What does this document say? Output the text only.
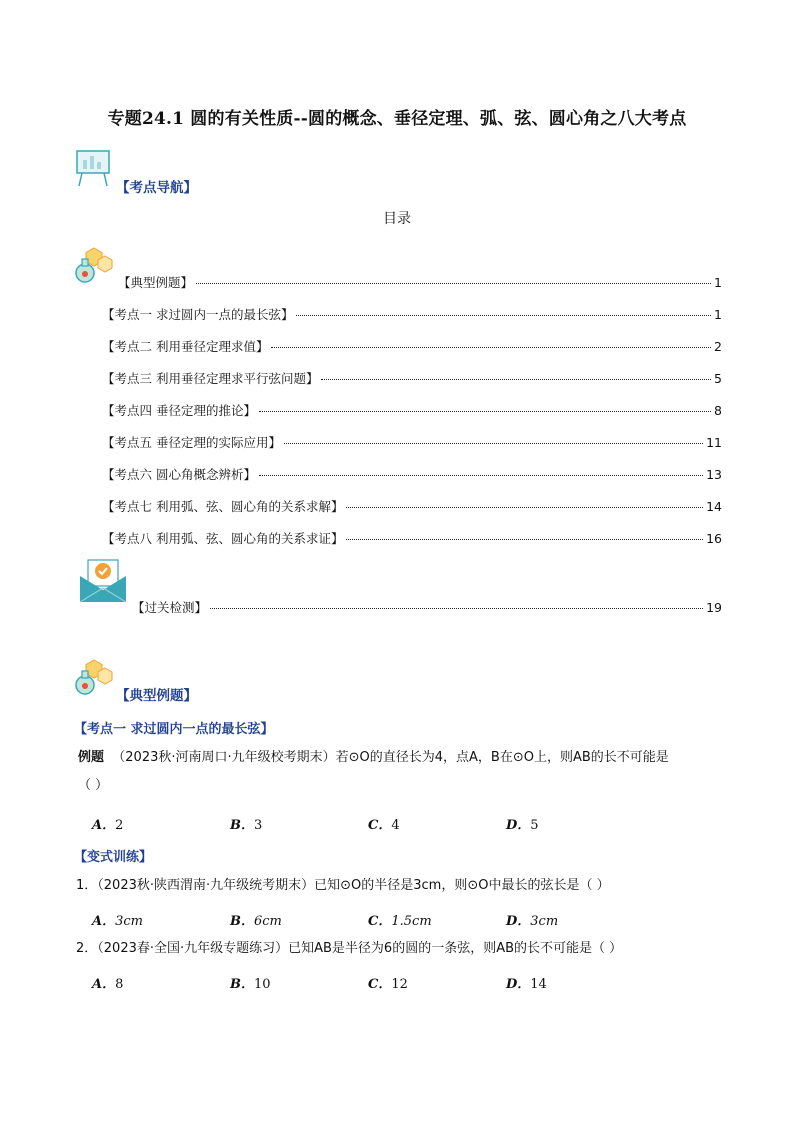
专题24.1 圆的有关性质--圆的概念、垂径定理、弧、弦、圆心角之八大考点
【考点导航】
目录
【典型例题】	1
【考点一 求过圆内一点的最长弦】	1
【考点二 利用垂径定理求值】	2
【考点三 利用垂径定理求平行弦问题】	5
【考点四 垂径定理的推论】	8
【考点五 垂径定理的实际应用】	11
【考点六 圆心角概念辨析】	13
【考点七 利用弧、弦、圆心角的关系求解】	14
【考点八 利用弧、弦、圆心角的关系求证】	16
【过关检测】	19
【典型例题】
【考点一 求过圆内一点的最长弦】
例题 （2023秋·河南周口·九年级校考期末）若⊙O的直径长为4，点A，B在⊙O上，则AB的长不可能是
（ ）
A．2	B．3	C．4	D．5
【变式训练】
1．（2023秋·陕西渭南·九年级统考期末）已知⊙O的半径是3cm，则⊙O中最长的弦长是（ ）
A．3cm	B．6cm	C．1.5cm	D．3cm
2．（2023春·全国·九年级专题练习）已知AB是半径为6的圆的一条弦，则AB的长不可能是（ ）
A．8	B．10	C．12	D．14
